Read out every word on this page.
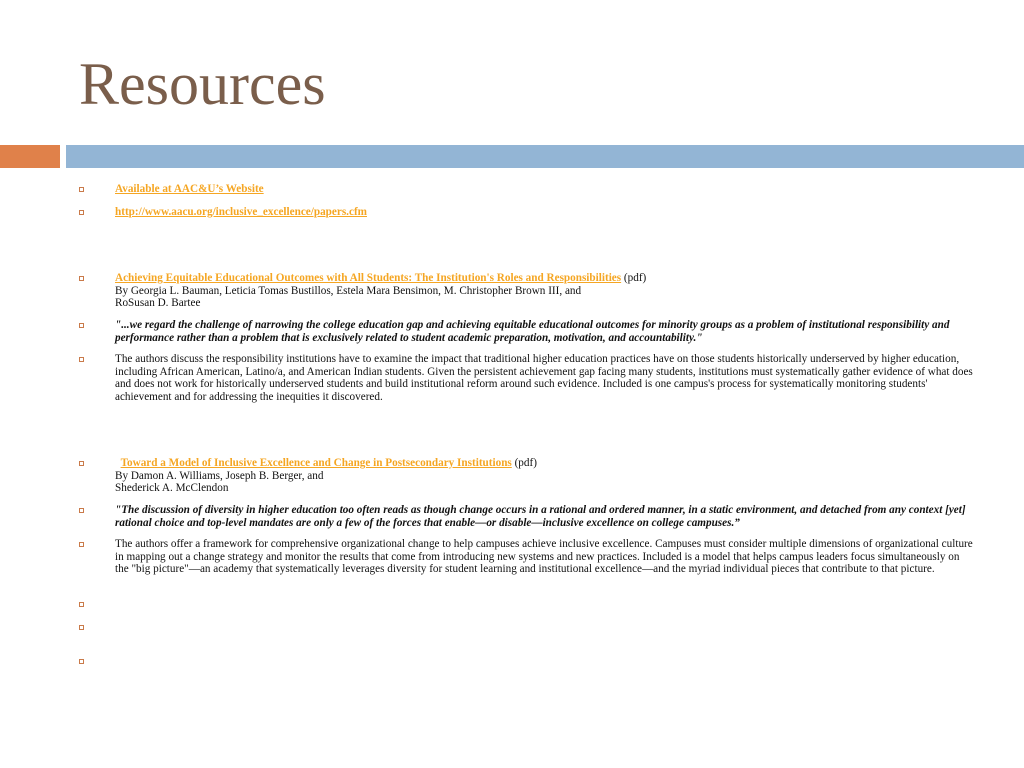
Resources
Available at AAC&U’s Website
http://www.aacu.org/inclusive_excellence/papers.cfm
Achieving Equitable Educational Outcomes with All Students: The Institution's Roles and Responsibilities (pdf)
By Georgia L. Bauman, Leticia Tomas Bustillos, Estela Mara Bensimon, M. Christopher Brown III, and
RoSusan D. Bartee
"...we regard the challenge of narrowing the college education gap and achieving equitable educational outcomes for minority groups as a problem of institutional responsibility and performance rather than a problem that is exclusively related to student academic preparation, motivation, and accountability."
The authors discuss the responsibility institutions have to examine the impact that traditional higher education practices have on those students historically underserved by higher education, including African American, Latino/a, and American Indian students. Given the persistent achievement gap facing many students, institutions must systematically gather evidence of what does and does not work for historically underserved students and build institutional reform around such evidence. Included is one campus's process for systematically monitoring students' achievement and for addressing the inequities it discovered.
Toward a Model of Inclusive Excellence and Change in Postsecondary Institutions (pdf)
By Damon A. Williams, Joseph B. Berger, and
Shederick A. McClendon
"The discussion of diversity in higher education too often reads as though change occurs in a rational and ordered manner, in a static environment, and detached from any context [yet] rational choice and top-level mandates are only a few of the forces that enable—or disable—inclusive excellence on college campuses.”
The authors offer a framework for comprehensive organizational change to help campuses achieve inclusive excellence. Campuses must consider multiple dimensions of organizational culture in mapping out a change strategy and monitor the results that come from introducing new systems and new practices. Included is a model that helps campus leaders focus simultaneously on the "big picture"—an academy that systematically leverages diversity for student learning and institutional excellence—and the myriad individual pieces that contribute to that picture.
